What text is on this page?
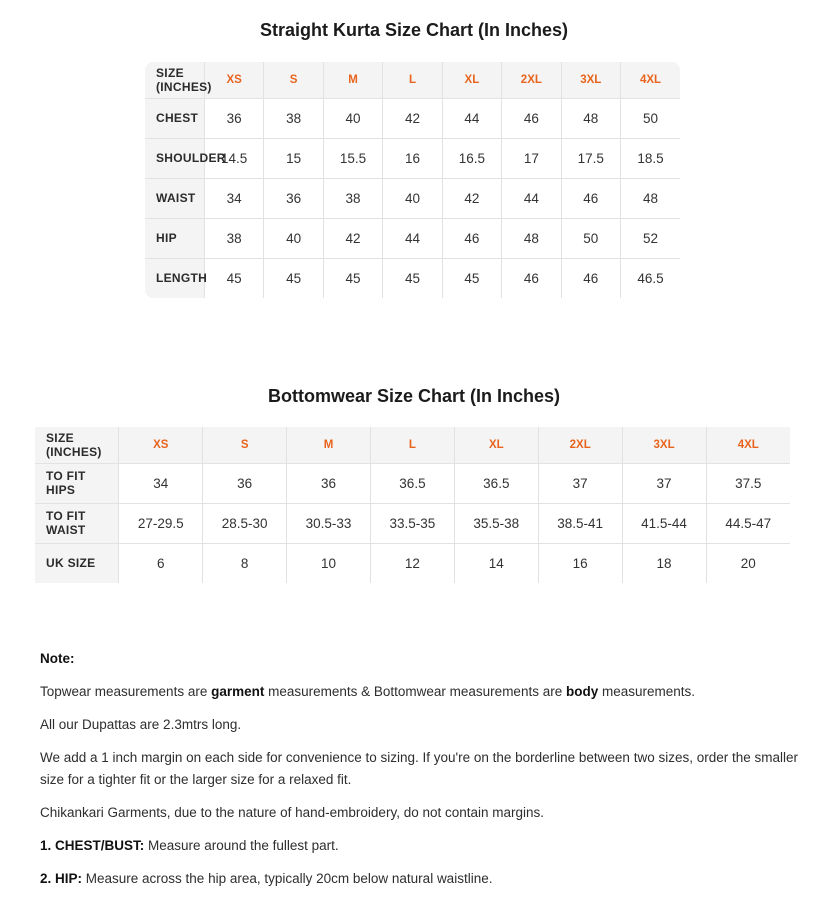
Straight Kurta Size Chart (In Inches)
SIZE (INCHES)	XS	S	M	L	XL	2XL	3XL	4XL
CHEST	36	38	40	42	44	46	48	50
SHOULDER	14.5	15	15.5	16	16.5	17	17.5	18.5
WAIST	34	36	38	40	42	44	46	48
HIP	38	40	42	44	46	48	50	52
LENGTH	45	45	45	45	45	46	46	46.5
Bottomwear Size Chart (In Inches)
SIZE (INCHES)	XS	S	M	L	XL	2XL	3XL	4XL
TO FIT HIPS	34	36	36	36.5	36.5	37	37	37.5
TO FIT WAIST	27-29.5	28.5-30	30.5-33	33.5-35	35.5-38	38.5-41	41.5-44	44.5-47
UK SIZE	6	8	10	12	14	16	18	20

Note:

Topwear measurements are garment measurements & Bottomwear measurements are body measurements.

All our Dupattas are 2.3mtrs long.

We add a 1 inch margin on each side for convenience to sizing. If you're on the borderline between two sizes, order the smaller size for a tighter fit or the larger size for a relaxed fit.

Chikankari Garments, due to the nature of hand-embroidery, do not contain margins.

1. CHEST/BUST: Measure around the fullest part.

2. HIP: Measure across the hip area, typically 20cm below natural waistline.
